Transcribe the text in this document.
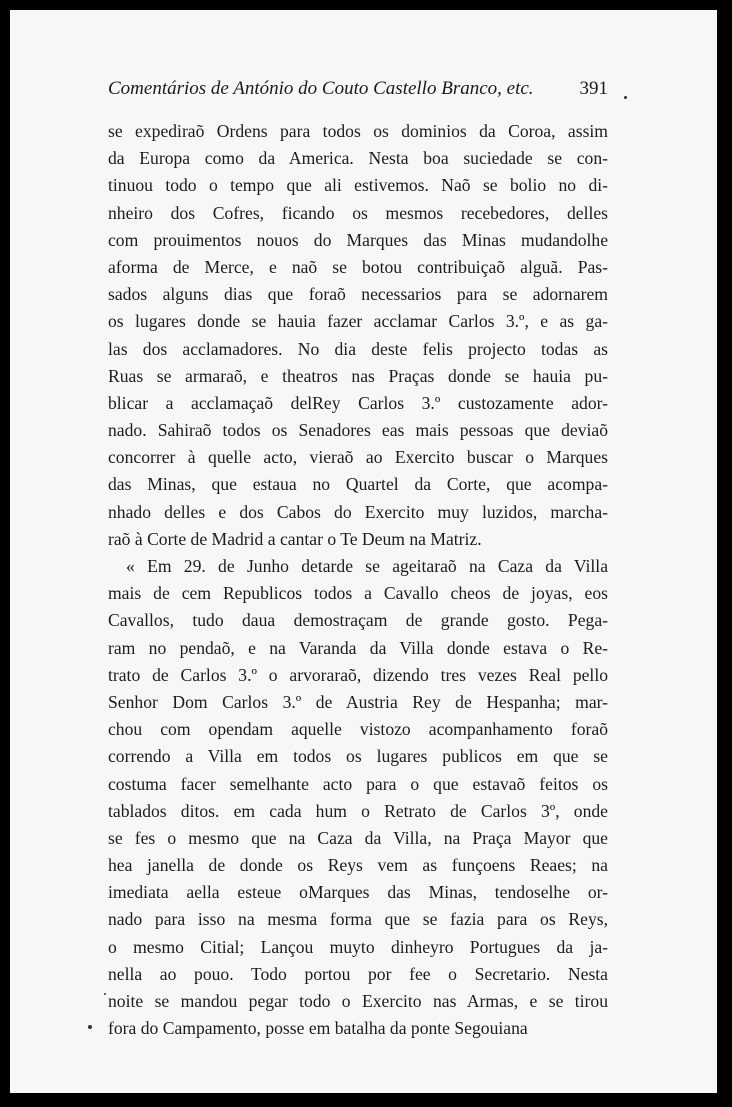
Comentários de António do Couto Castello Branco, etc. 391
se expediraõ Ordens para todos os dominios da Coroa, assim
da Europa como da America. Nesta boa suciedade se con-
tinuou todo o tempo que ali estivemos. Naõ se bolio no di-
nheiro dos Cofres, ficando os mesmos recebedores, delles
com prouimentos nouos do Marques das Minas mudandolhe
aforma de Merce, e naõ se botou contribuiçaõ alguã. Pas-
sados alguns dias que foraõ necessarios para se adornarem
os lugares donde se hauia fazer acclamar Carlos 3.º, e as ga-
las dos acclamadores. No dia deste felis projecto todas as
Ruas se armaraõ, e theatros nas Praças donde se hauia pu-
blicar a acclamaçaõ delRey Carlos 3.º custozamente ador-
nado. Sahiraõ todos os Senadores eas mais pessoas que deviaõ
concorrer à quelle acto, vieraõ ao Exercito buscar o Marques
das Minas, que estaua no Quartel da Corte, que acompa-
nhado delles e dos Cabos do Exercito muy luzidos, marcha-
raõ à Corte de Madrid a cantar o Te Deum na Matriz.
« Em 29. de Junho detarde se ageitaraõ na Caza da Villa
mais de cem Republicos todos a Cavallo cheos de joyas, eos
Cavallos, tudo daua demostraçam de grande gosto. Pega-
ram no pendaõ, e na Varanda da Villa donde estava o Re-
trato de Carlos 3.º o arvoraraõ, dizendo tres vezes Real pello
Senhor Dom Carlos 3.º de Austria Rey de Hespanha; mar-
chou com opendam aquelle vistozo acompanhamento foraõ
correndo a Villa em todos os lugares publicos em que se
costuma facer semelhante acto para o que estavaõ feitos os
tablados ditos. em cada hum o Retrato de Carlos 3º, onde
se fes o mesmo que na Caza da Villa, na Praça Mayor que
hea janella de donde os Reys vem as funçoens Reaes; na
imediata aella esteue oMarques das Minas, tendoselhe or-
nado para isso na mesma forma que se fazia para os Reys,
o mesmo Citial; Lançou muyto dinheyro Portugues da ja-
nella ao pouo. Todo portou por fee o Secretario. Nesta
noite se mandou pegar todo o Exercito nas Armas, e se tirou
fora do Campamento, posse em batalha da ponte Segouiana
